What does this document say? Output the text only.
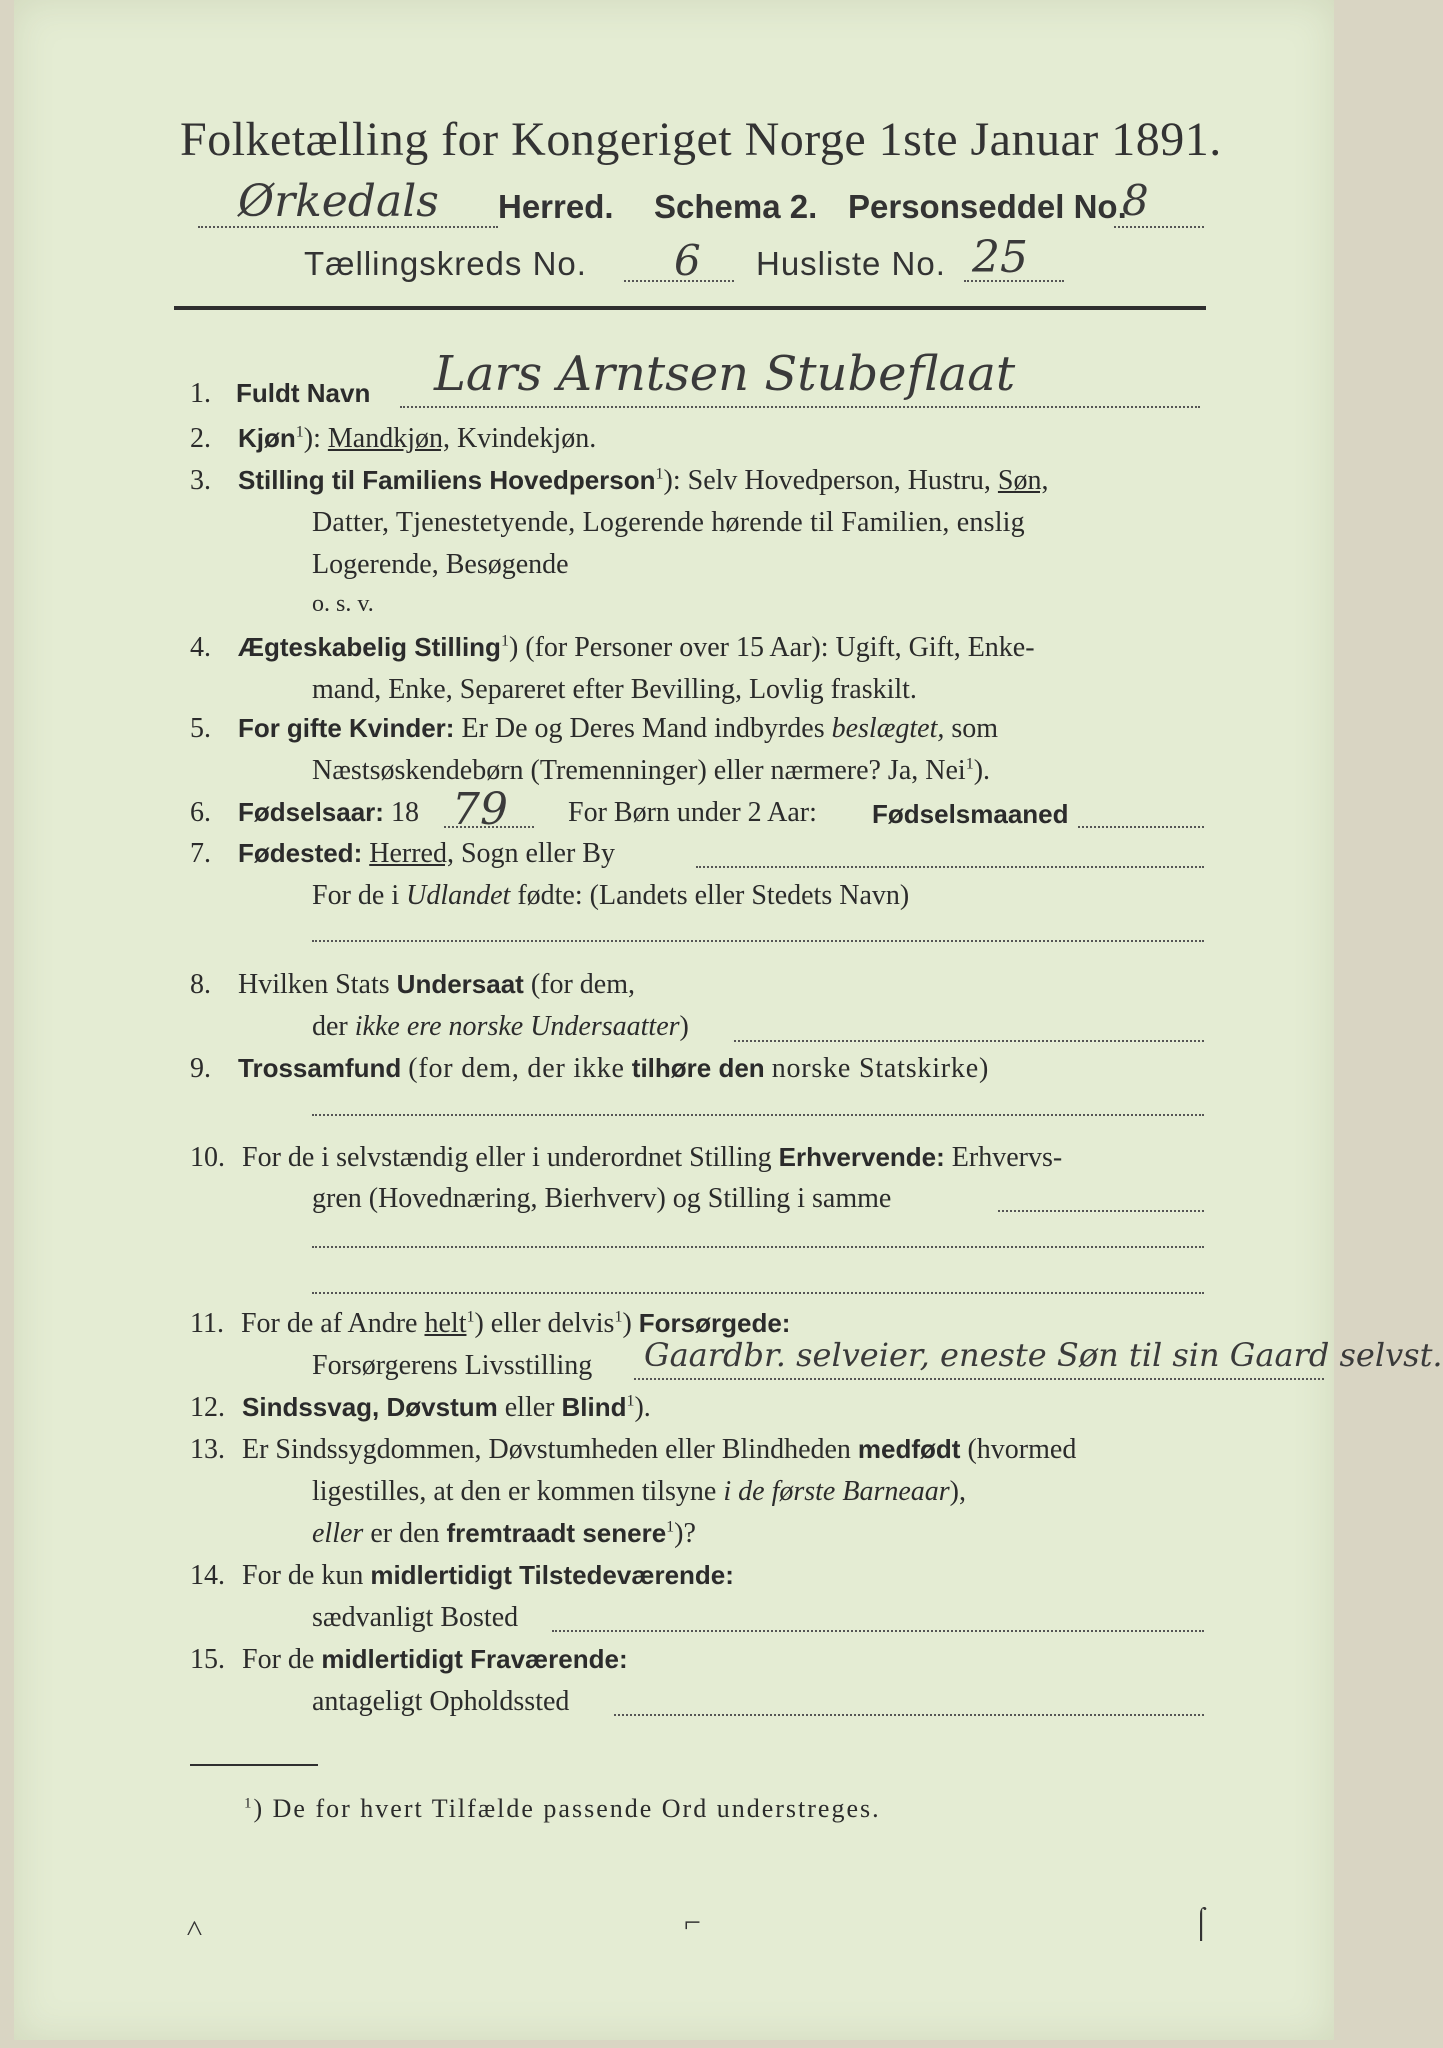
Folketælling for Kongeriget Norge 1ste Januar 1891.
Ørkedals Herred. Schema 2. Personseddel No.
8
Tællingskreds No. 6 Husliste No. 25
1. Fuldt Navn Lars Arntsen Stubeflaat
2. Kjøn$^1$): Mandkjøn, Kvindekjøn.
3. Stilling til Familiens Hovedperson$^1$): Selv Hovedperson, Hustru, Søn,
Datter, Tjenestetyende, Logerende hørende til Familien, enslig
Logerende, Besøgende
o. s. v.
4. Ægteskabelig Stilling$^1$) (for Personer over 15 Aar): Ugift, Gift, Enke-
mand, Enke, Separeret efter Bevilling, Lovlig fraskilt.
5. For gifte Kvinder: Er De og Deres Mand indbyrdes beslægtet, som
Næstsøskendebørn (Tremenninger) eller nærmere? Ja, Nei$^1$).
6. Fødselsaar: 18 79 For Børn under 2 Aar: Fødselsmaaned
7. Fødested: Herred, Sogn eller By
For de i Udlandet fødte: (Landets eller Stedets Navn)
8. Hvilken Stats Undersaat (for dem,
der ikke ere norske Undersaatter)
9. Trossamfund (for dem, der ikke tilhøre den norske Statskirke)
10. For de i selvstændig eller i underordnet Stilling Erhvervende: Erhvervs-
gren (Hovednæring, Bierhverv) og Stilling i samme
11. For de af Andre helt$^1$) eller delvis$^1$) Forsørgede:
Forsørgerens Livsstilling Gaardbr. selveier, eneste Søn til sin Gaard selvst.
12. Sindssvag, Døvstum eller Blind$^1$).
13. Er Sindssygdommen, Døvstumheden eller Blindheden medfødt (hvormed
ligestilles, at den er kommen tilsyne i de første Barneaar),
eller er den fremtraadt senere$^1$)?
14. For de kun midlertidigt Tilstedeværende:
sædvanligt Bosted
15. For de midlertidigt Fraværende:
antageligt Opholdssted
$^1$) De for hvert Tilfælde passende Ord understreges.
˄	⌐	⌠
